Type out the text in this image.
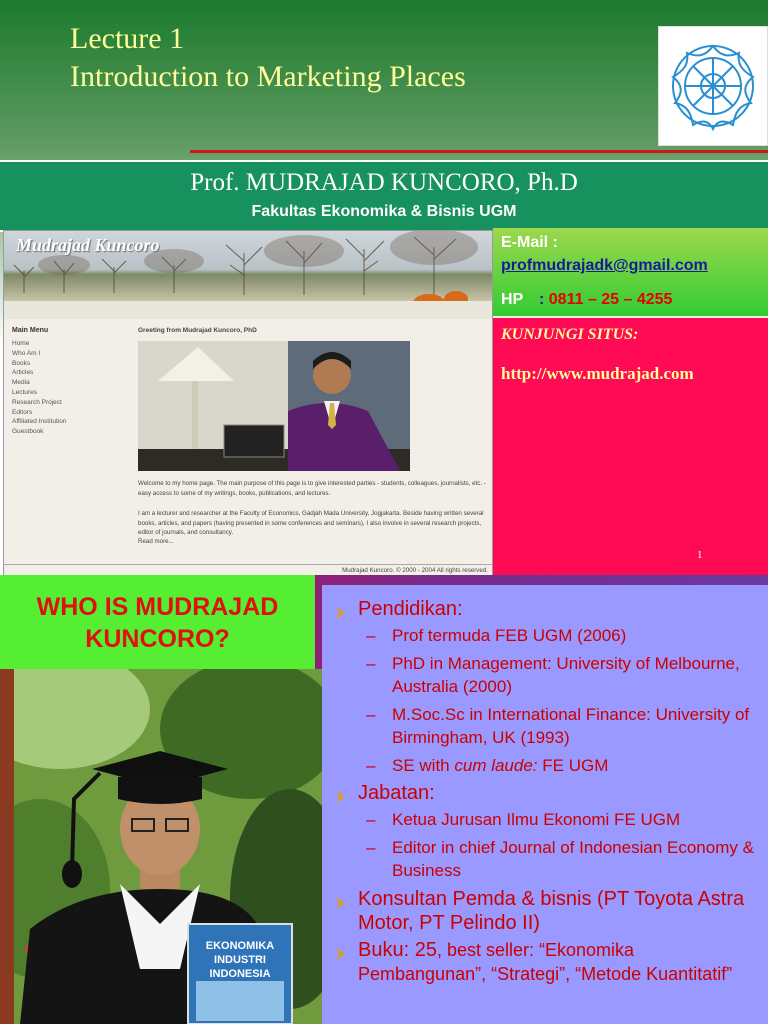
Lecture 1
Introduction to Marketing Places
Prof. MUDRAJAD KUNCORO, Ph.D
Fakultas Ekonomika & Bisnis UGM
Mudrajad Kuncoro
Main Menu
Home
Who Am I
Books
Articles
Media
Lectures
Research Project
Editors
Affiliated Institution
Guestbook
Greeting from Mudrajad Kuncoro, PhD

Welcome to my home page. The main purpose of this page is to give interested parties - students, colleagues, journalists, etc. - easy access to some of my writings, books, publications, and lectures.

I am a lecturer and researcher at the Faculty of Economics, Gadjah Mada University, Jogjakarta. Beside having written several books, articles, and papers (having presented in some conferences and seminars), I also involve in several research projects, editor of journals, and consultancy.

Read more...
Mudrajad Kuncoro. © 2000 - 2004 All rights reserved.
E-Mail :
profmudrajadk@gmail.com
HP : 0811 – 25 – 4255
KUNJUNGI SITUS:
http://www.mudrajad.com
1
WHO IS MUDRAJAD
KUNCORO?
EKONOMIKA
INDUSTRI
INDONESIA
Pendidikan:
– Prof termuda FEB UGM (2006)
– PhD in Management: University of Melbourne, Australia (2000)
– M.Soc.Sc in International Finance: University of Birmingham, UK (1993)
– SE with cum laude: FE UGM
Jabatan:
– Ketua Jurusan Ilmu Ekonomi FE UGM
– Editor in chief Journal of Indonesian Economy & Business
Konsultan Pemda & bisnis (PT Toyota Astra Motor, PT Pelindo II)
Buku: 25, best seller: “Ekonomika Pembangunan”, “Strategi”, “Metode Kuantitatif”
